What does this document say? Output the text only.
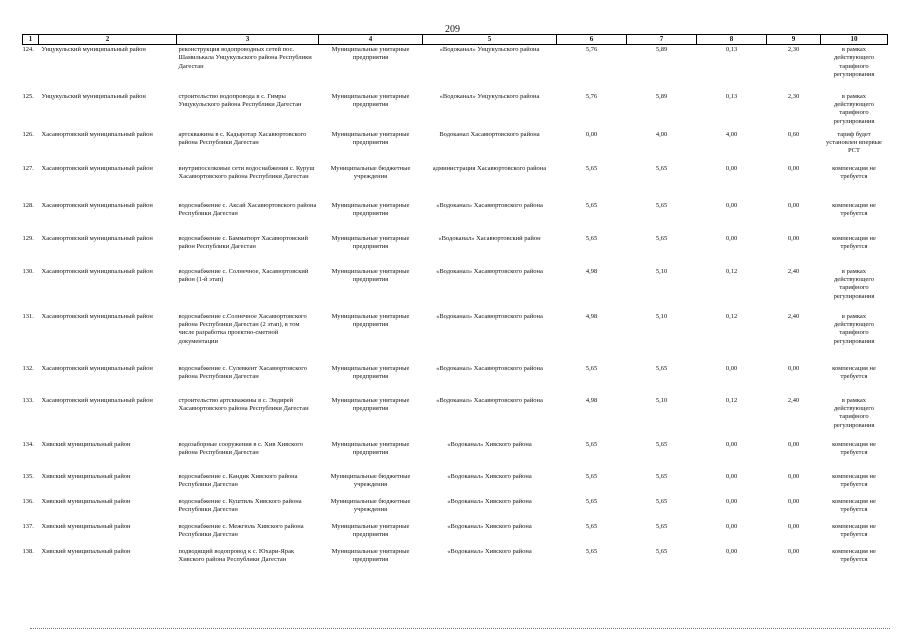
209
1	2	3	4	5	6	7	8	9	10
124.	Унцукульский муниципальный район	реконструкция водопроводных сетей пос. Шамилькала Унцукульского района Республики Дагестан	Муниципальные унитарные предприятия	«Водоканал» Унцукульского района	5,76	5,89	0,13	2,30	в рамках действующего тарифного регулирования
125.	Унцукульский муниципальный район	строительство водопровода в с. Гимры Унцукульского района Республики Дагестан	Муниципальные унитарные предприятия	«Водоканал» Унцукульского района	5,76	5,89	0,13	2,30	в рамках действующего тарифного регулирования
126.	Хасавюртовский муниципальный район	артскважина в с. Кадыротар Хасавюртовского района Республики Дагестан	Муниципальные унитарные предприятия	Водоканал Хасавюртовского района	0,00	4,00	4,00	0,60	тариф будет установлен впервые РСТ
127.	Хасавюртовский муниципальный район	внутрипоселковые сети водоснабжения с. Куруш Хасавюртовского района Республики Дагестан	Муниципальные бюджетные учреждения	администрация Хасавюртовского района	5,65	5,65	0,00	0,00	компенсация не требуется
128.	Хасавюртовский муниципальный район	водоснабжение с. Аксай Хасавюртовского района Республики Дагестан	Муниципальные унитарные предприятия	«Водоканал» Хасавюртовского района	5,65	5,65	0,00	0,00	компенсация не требуется
129.	Хасавюртовский муниципальный район	водоснабжение с. Бамматюрт Хасавюртовский район Республики Дагестан	Муниципальные унитарные предприятия	«Водоканал» Хасавюртовский район	5,65	5,65	0,00	0,00	компенсация не требуется
130.	Хасавюртовский муниципальный район	водоснабжение с. Солнечное, Хасавюртовский район (1-й этап)	Муниципальные унитарные предприятия	«Водоканал» Хасавюртовского района	4,98	5,10	0,12	2,40	в рамках действующего тарифного регулирования
131.	Хасавюртовский муниципальный район	водоснабжение с.Солнечное Хасавюртовского района Республики Дагестан (2 этап), в том числе разработка проектно-сметной документации	Муниципальные унитарные предприятия	«Водоканал» Хасавюртовского района	4,98	5,10	0,12	2,40	в рамках действующего тарифного регулирования
132.	Хасавюртовский муниципальный район	водоснабжение с. Сулевкент Хасавюртовского района Республики Дагестан	Муниципальные унитарные предприятия	«Водоканал» Хасавюртовского района	5,65	5,65	0,00	0,00	компенсация не требуется
133.	Хасавюртовский муниципальный район	строительство артскважины в с. Эндирей Хасавюртовского района Республики Дагестан	Муниципальные унитарные предприятия	«Водоканал» Хасавюртовского района	4,98	5,10	0,12	2,40	в рамках действующего тарифного регулирования
134.	Хивский муниципальный район	водозаборные сооружения в с. Хив Хивского района Республики Дагестан	Муниципальные унитарные предприятия	«Водоканал» Хивского района	5,65	5,65	0,00	0,00	компенсация не требуется
135.	Хивский муниципальный район	водоснабжение с. Кандик Хивского района Республики Дагестан	Муниципальные бюджетные учреждения	«Водоканал» Хивского района	5,65	5,65	0,00	0,00	компенсация не требуется
136.	Хивский муниципальный район	водоснабжение с. Куштиль Хивского района Республики Дагестан	Муниципальные бюджетные учреждения	«Водоканал» Хивского района	5,65	5,65	0,00	0,00	компенсация не требуется
137.	Хивский муниципальный район	водоснабжение с. Межгюль Хивского района Республики Дагестан	Муниципальные унитарные предприятия	«Водоканал» Хивского района	5,65	5,65	0,00	0,00	компенсация не требуется
138.	Хивский муниципальный район	подводящий водопровод к с. Юхари-Ярак Хивского района Республики Дагестан	Муниципальные унитарные предприятия	«Водоканал» Хивского района	5,65	5,65	0,00	0,00	компенсация не требуется
